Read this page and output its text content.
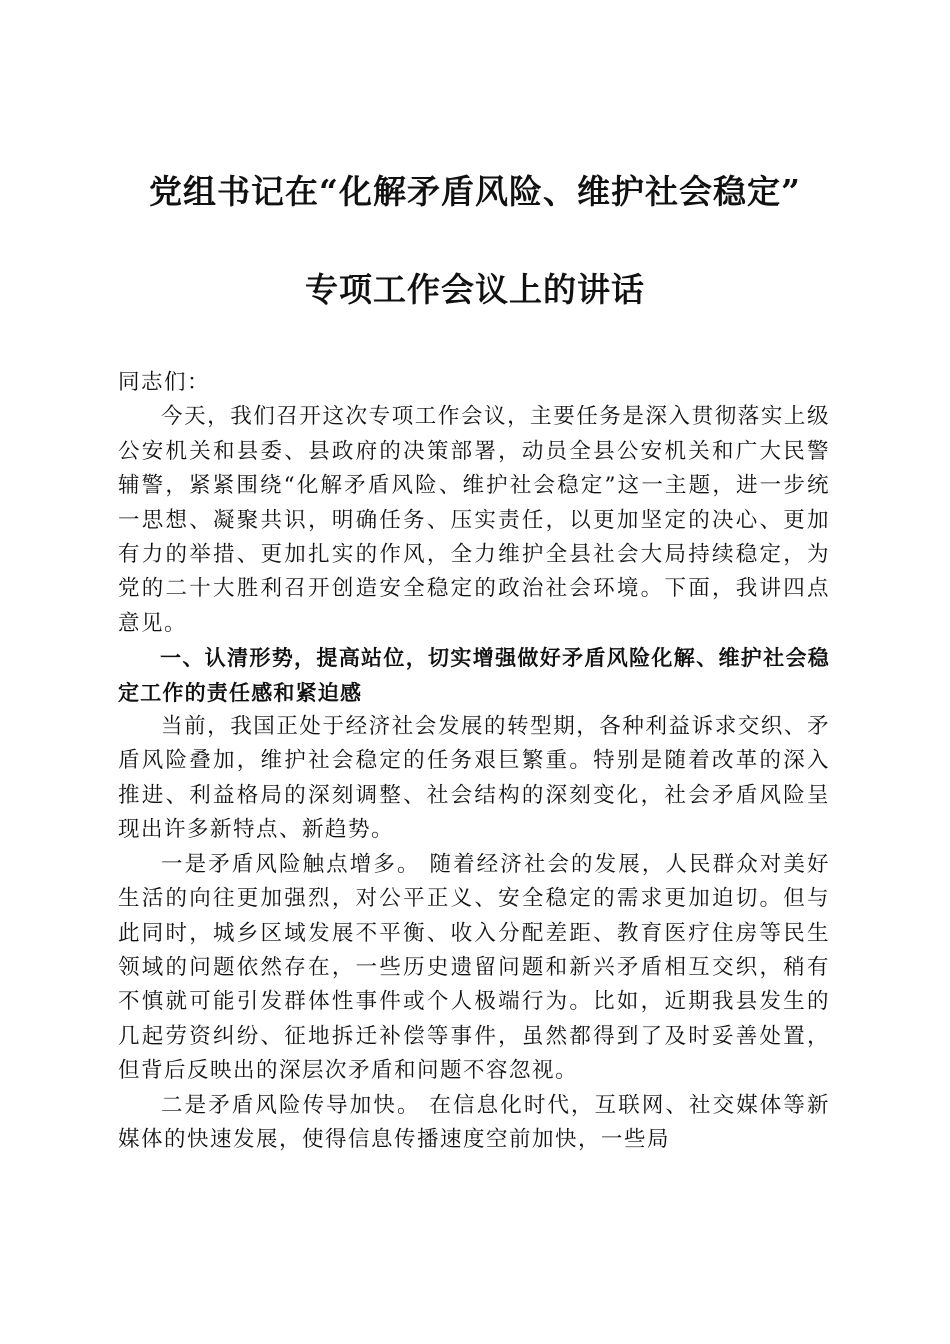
党组书记在“化解矛盾风险、维护社会稳定”
专项工作会议上的讲话

同志们：

今天，我们召开这次专项工作会议，主要任务是深入贯彻落实上级公安机关和县委、县政府的决策部署，动员全县公安机关和广大民警辅警，紧紧围绕“化解矛盾风险、维护社会稳定”这一主题，进一步统一思想、凝聚共识，明确任务、压实责任，以更加坚定的决心、更加有力的举措、更加扎实的作风，全力维护全县社会大局持续稳定，为党的二十大胜利召开创造安全稳定的政治社会环境。下面，我讲四点意见。

一、认清形势，提高站位，切实增强做好矛盾风险化解、维护社会稳定工作的责任感和紧迫感

当前，我国正处于经济社会发展的转型期，各种利益诉求交织、矛盾风险叠加，维护社会稳定的任务艰巨繁重。特别是随着改革的深入推进、利益格局的深刻调整、社会结构的深刻变化，社会矛盾风险呈现出许多新特点、新趋势。

一是矛盾风险触点增多。 随着经济社会的发展，人民群众对美好生活的向往更加强烈，对公平正义、安全稳定的需求更加迫切。但与此同时，城乡区域发展不平衡、收入分配差距、教育医疗住房等民生领域的问题依然存在，一些历史遗留问题和新兴矛盾相互交织，稍有不慎就可能引发群体性事件或个人极端行为。比如，近期我县发生的几起劳资纠纷、征地拆迁补偿等事件，虽然都得到了及时妥善处置，但背后反映出的深层次矛盾和问题不容忽视。

二是矛盾风险传导加快。 在信息化时代，互联网、社交媒体等新媒体的快速发展，使得信息传播速度空前加快，一些局
